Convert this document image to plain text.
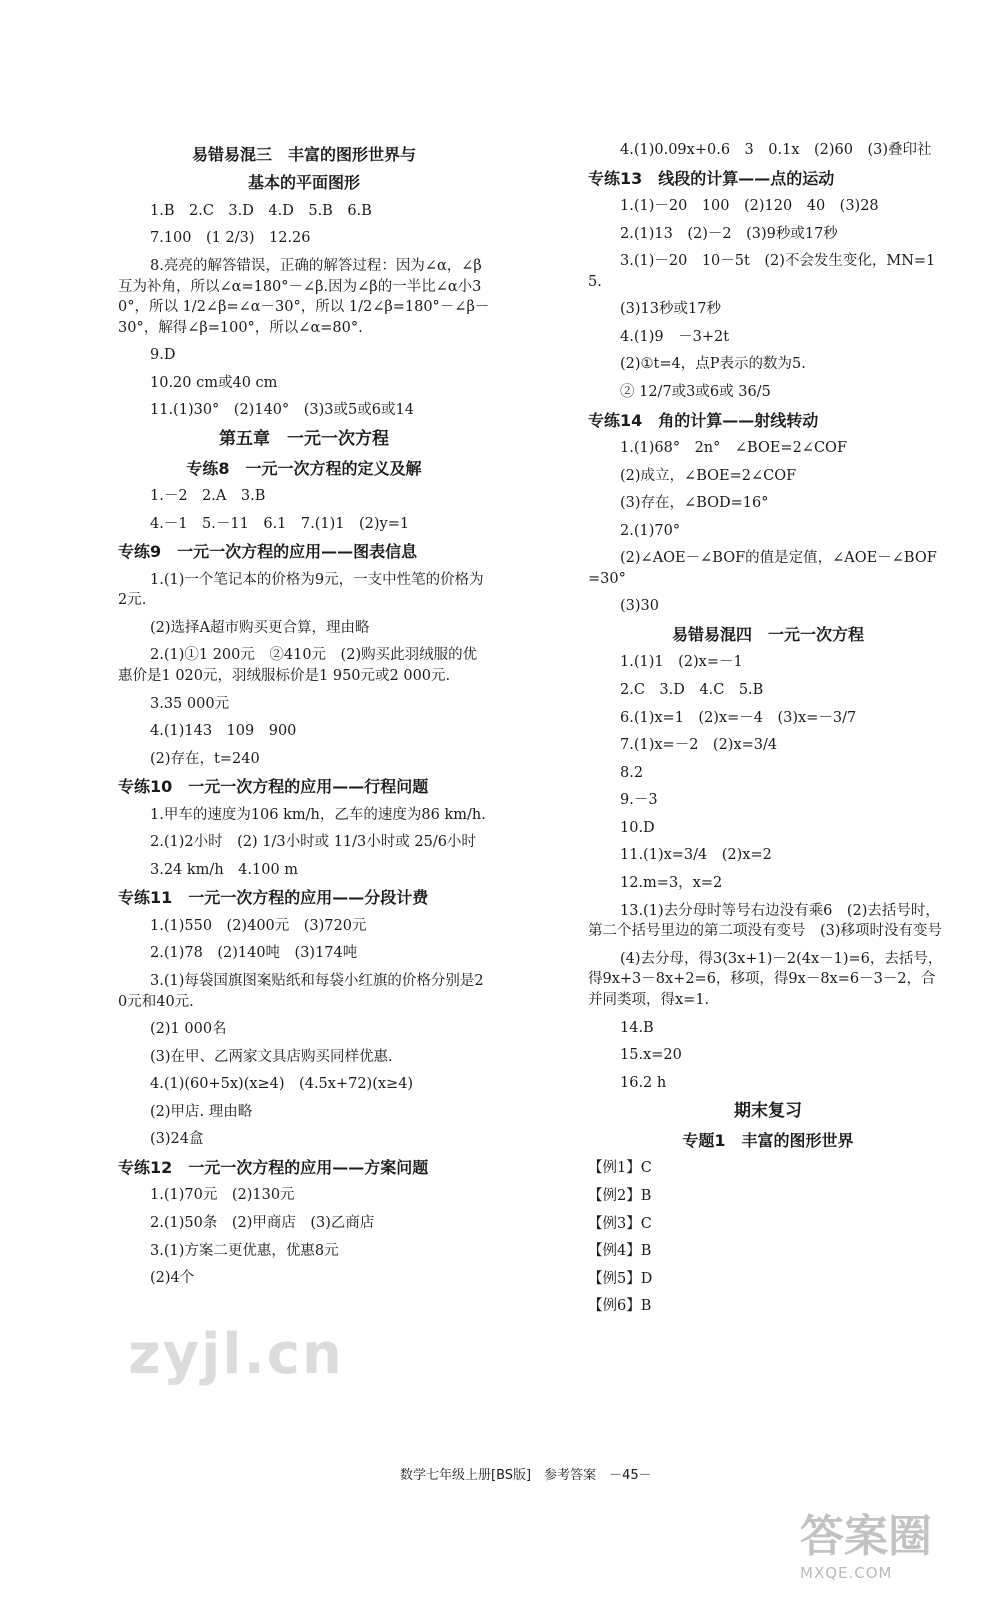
易错易混三　丰富的图形世界与
基本的平面图形
1.B　2.C　3.D　4.D　5.B　6.B
7.100　(1 2/3)　12.26
8.亮亮的解答错误，正确的解答过程：因为∠α，∠β互为补角，所以∠α=180°－∠β.因为∠β的一半比∠α小30°，所以 1/2∠β=∠α－30°，所以 1/2∠β=180°－∠β－30°，解得∠β=100°，所以∠α=80°.
9.D
10.20 cm或40 cm
11.(1)30°　(2)140°　(3)3或5或6或14
第五章　一元一次方程
专练8　一元一次方程的定义及解
1.－2　2.A　3.B
4.－1　5.－11　6.1　7.(1)1　(2)y=1
专练9　一元一次方程的应用——图表信息
1.(1)一个笔记本的价格为9元，一支中性笔的价格为2元.
(2)选择A超市购买更合算，理由略
2.(1)①1 200元　②410元　(2)购买此羽绒服的优惠价是1 020元，羽绒服标价是1 950元或2 000元.
3.35 000元
4.(1)143　109　900
(2)存在，t=240
专练10　一元一次方程的应用——行程问题
1.甲车的速度为106 km/h，乙车的速度为86 km/h.
2.(1)2小时　(2) 1/3小时或 11/3小时或 25/6小时
3.24 km/h　4.100 m
专练11　一元一次方程的应用——分段计费
1.(1)550　(2)400元　(3)720元
2.(1)78　(2)140吨　(3)174吨
3.(1)每袋国旗图案贴纸和每袋小红旗的价格分别是20元和40元.
(2)1 000名
(3)在甲、乙两家文具店购买同样优惠.
4.(1)(60+5x)(x≥4)　(4.5x+72)(x≥4)
(2)甲店. 理由略
(3)24盒
专练12　一元一次方程的应用——方案问题
1.(1)70元　(2)130元
2.(1)50条　(2)甲商店　(3)乙商店
3.(1)方案二更优惠，优惠8元
(2)4个
4.(1)0.09x+0.6　3　0.1x　(2)60　(3)叠印社
专练13　线段的计算——点的运动
1.(1)－20　100　(2)120　40　(3)28
2.(1)13　(2)－2　(3)9秒或17秒
3.(1)－20　10－5t　(2)不会发生变化，MN=15.
(3)13秒或17秒
4.(1)9　－3+2t
(2)①t=4，点P表示的数为5.
② 12/7或3或6或 36/5
专练14　角的计算——射线转动
1.(1)68°　2n°　∠BOE=2∠COF
(2)成立，∠BOE=2∠COF
(3)存在，∠BOD=16°
2.(1)70°
(2)∠AOE－∠BOF的值是定值，∠AOE－∠BOF=30°
(3)30
易错易混四　一元一次方程
1.(1)1　(2)x=－1
2.C　3.D　4.C　5.B
6.(1)x=1　(2)x=－4　(3)x=－3/7
7.(1)x=－2　(2)x=3/4
8.2
9.－3
10.D
11.(1)x=3/4　(2)x=2
12.m=3，x=2
13.(1)去分母时等号右边没有乘6　(2)去括号时，第二个括号里边的第二项没有变号　(3)移项时没有变号
(4)去分母，得3(3x+1)－2(4x－1)=6，去括号，得9x+3－8x+2=6，移项，得9x－8x=6－3－2，合并同类项，得x=1.
14.B
15.x=20
16.2 h
期末复习
专题1　丰富的图形世界
【例1】C
【例2】B
【例3】C
【例4】B
【例5】D
【例6】B
数学七年级上册[BS版]　参考答案　－45－
zyjl.cn
答案圈
MXQE.COM
